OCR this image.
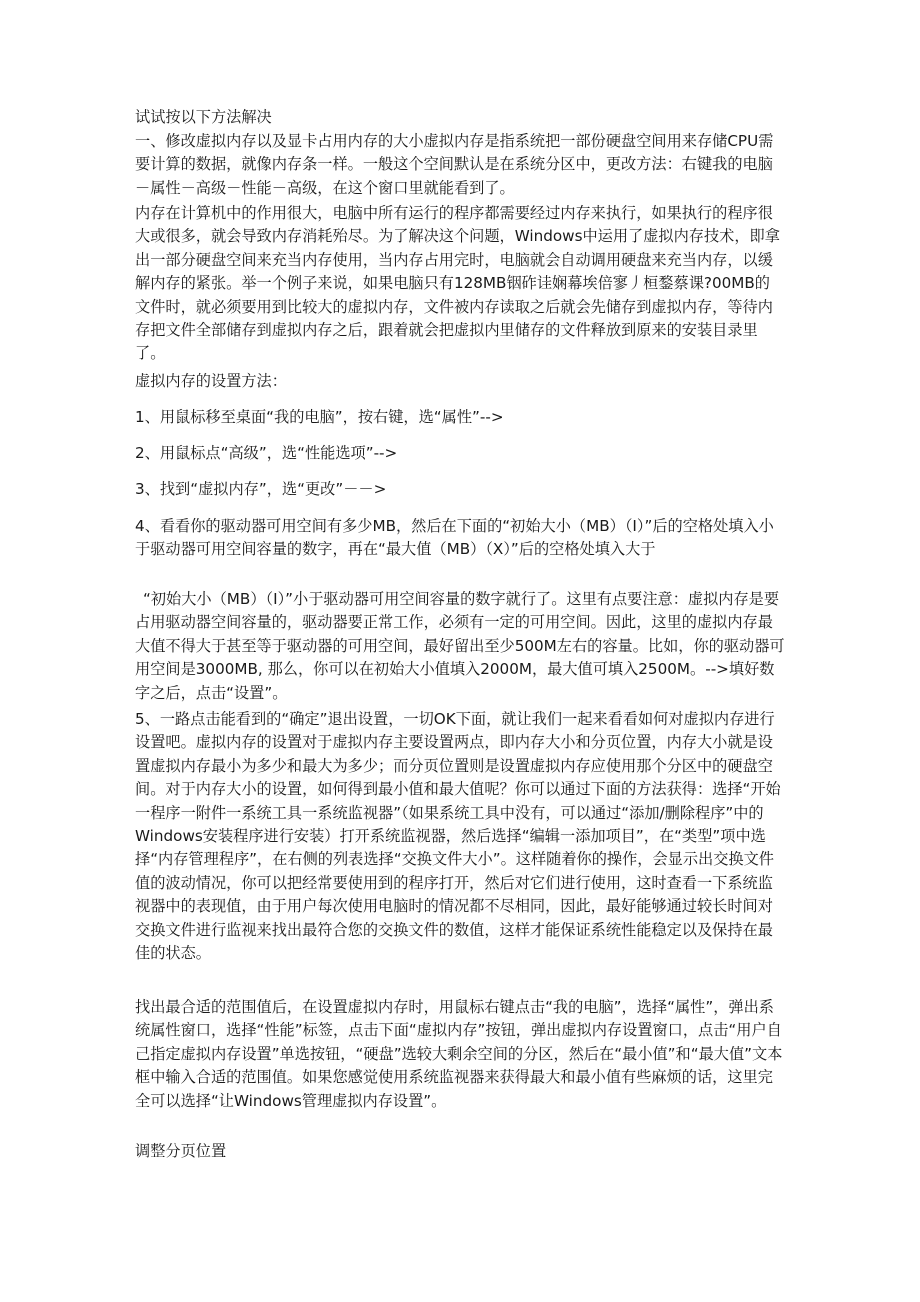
试试按以下方法解决

一、修改虚拟内存以及显卡占用内存的大小虚拟内存是指系统把一部份硬盘空间用来存储CPU需要计算的数据，就像内存条一样。一般这个空间默认是在系统分区中，更改方法：右键我的电脑－属性－高级－性能－高级，在这个窗口里就能看到了。

内存在计算机中的作用很大，电脑中所有运行的程序都需要经过内存来执行，如果执行的程序很大或很多，就会导致内存消耗殆尽。为了解决这个问题，Windows中运用了虚拟内存技术，即拿出一部分硬盘空间来充当内存使用，当内存占用完时，电脑就会自动调用硬盘来充当内存，以缓解内存的紧张。举一个例子来说，如果电脑只有128MB铟砟诖娴幕埃倍寥丿桓鍪蔡课?00MB的文件时，就必须要用到比较大的虚拟内存，文件被内存读取之后就会先储存到虚拟内存，等待内存把文件全部储存到虚拟内存之后，跟着就会把虚拟内里储存的文件释放到原来的安装目录里了。

虚拟内存的设置方法：

1、用鼠标移至桌面“我的电脑”，按右键，选“属性”-->

2、用鼠标点“高级”，选“性能选项”-->

3、找到“虚拟内存”，选“更改”－－>

4、看看你的驱动器可用空间有多少MB，然后在下面的“初始大小（MB）（I）”后的空格处填入小于驱动器可用空间容量的数字，再在“最大值（MB）（X）”后的空格处填入大于

“初始大小（MB）（I）”小于驱动器可用空间容量的数字就行了。这里有点要注意：虚拟内存是要占用驱动器空间容量的，驱动器要正常工作，必须有一定的可用空间。因此，这里的虚拟内存最大值不得大于甚至等于驱动器的可用空间，最好留出至少500M左右的容量。比如，你的驱动器可用空间是3000MB, 那么，你可以在初始大小值填入2000M，最大值可填入2500M。-->填好数字之后，点击“设置”。

5、一路点击能看到的“确定”退出设置，一切OK下面，就让我们一起来看看如何对虚拟内存进行设置吧。虚拟内存的设置对于虚拟内存主要设置两点，即内存大小和分页位置，内存大小就是设置虚拟内存最小为多少和最大为多少；而分页位置则是设置虚拟内存应使用那个分区中的硬盘空间。对于内存大小的设置，如何得到最小值和最大值呢？你可以通过下面的方法获得：选择“开始一程序一附件一系统工具一系统监视器”（如果系统工具中没有，可以通过“添加/删除程序”中的Windows安装程序进行安装）打开系统监视器，然后选择“编辑一添加项目”，在“类型”项中选择“内存管理程序”，在右侧的列表选择“交换文件大小”。这样随着你的操作，会显示出交换文件值的波动情况，你可以把经常要使用到的程序打开，然后对它们进行使用，这时查看一下系统监视器中的表现值，由于用户每次使用电脑时的情况都不尽相同，因此，最好能够通过较长时间对交换文件进行监视来找出最符合您的交换文件的数值，这样才能保证系统性能稳定以及保持在最佳的状态。

找出最合适的范围值后，在设置虚拟内存时，用鼠标右键点击“我的电脑”，选择“属性”，弹出系统属性窗口，选择“性能”标签，点击下面“虚拟内存”按钮，弹出虚拟内存设置窗口，点击“用户自己指定虚拟内存设置”单选按钮，“硬盘”选较大剩余空间的分区，然后在“最小值”和“最大值”文本框中输入合适的范围值。如果您感觉使用系统监视器来获得最大和最小值有些麻烦的话，这里完全可以选择“让Windows管理虚拟内存设置”。

调整分页位置
